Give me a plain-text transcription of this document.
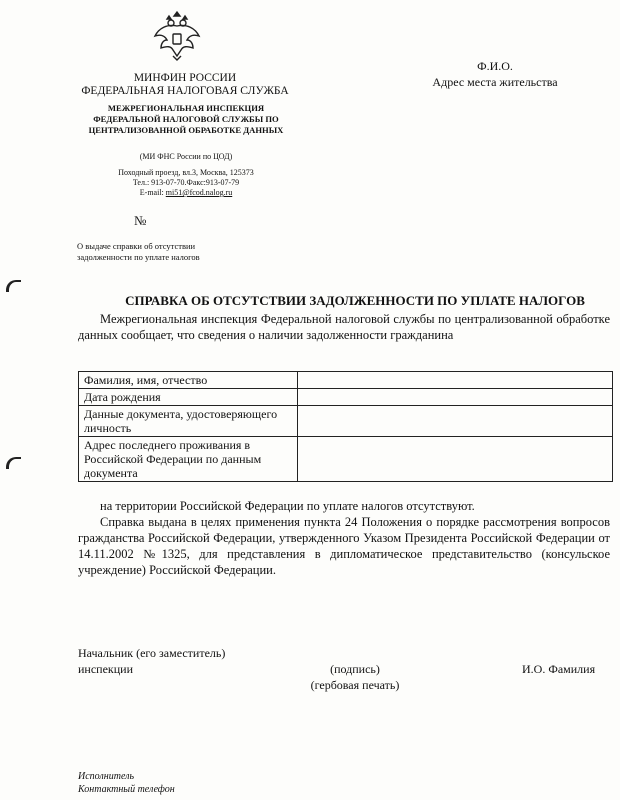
МИНФИН РОССИИ
ФЕДЕРАЛЬНАЯ НАЛОГОВАЯ СЛУЖБА
МЕЖРЕГИОНАЛЬНАЯ ИНСПЕКЦИЯ ФЕДЕРАЛЬНОЙ НАЛОГОВОЙ СЛУЖБЫ ПО ЦЕНТРАЛИЗОВАННОЙ ОБРАБОТКЕ ДАННЫХ
(МИ ФНС России по ЦОД)
Походный проезд, вл.3, Москва, 125373
Тел.: 913-07-70.Факс:913-07-79
E-mail: mi51@fcod.nalog.ru
№
О выдаче справки об отсутствии
задолженности по уплате налогов
Ф.И.О.
Адрес места жительства
СПРАВКА ОБ ОТСУТСТВИИ ЗАДОЛЖЕННОСТИ ПО УПЛАТЕ НАЛОГОВ

Межрегиональная инспекция Федеральной налоговой службы по централизованной обработке данных сообщает, что сведения о наличии задолженности гражданина

Фамилия, имя, отчество	
Дата рождения	
Данные документа, удостоверяющего личность	
Адрес последнего проживания в Российской Федерации по данным документа	

на территории Российской Федерации по уплате налогов отсутствуют.

Справка выдана в целях применения пункта 24 Положения о порядке рассмотрения вопросов гражданства Российской Федерации, утвержденного Указом Президента Российской Федерации от 14.11.2002 №1325, для представления в дипломатическое представительство (консульское учреждение) Российской Федерации.

Начальник (его заместитель)
инспекции	(подпись)
(гербовая печать)
И.О. Фамилия
Исполнитель
Контактный телефон
